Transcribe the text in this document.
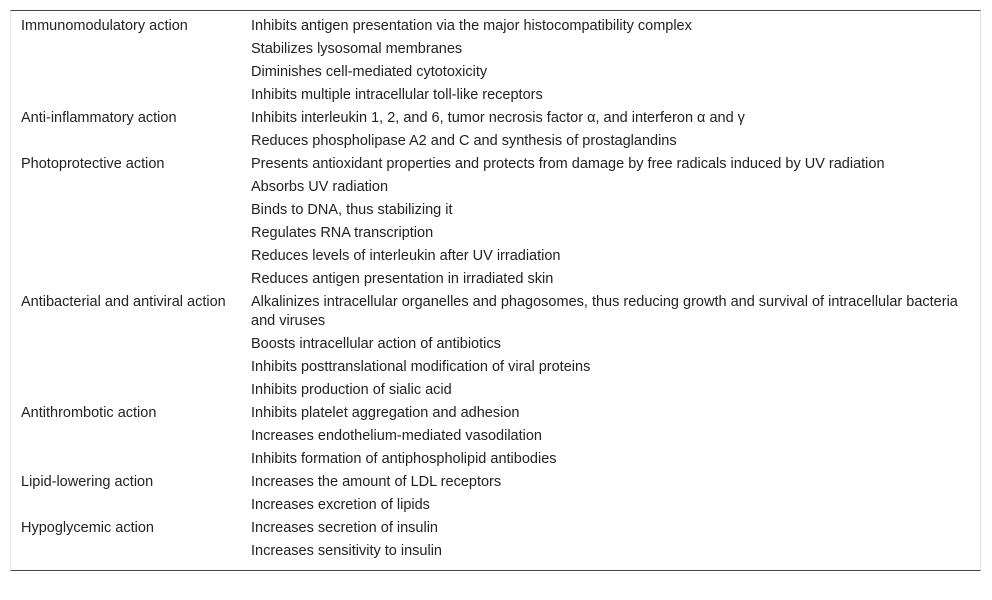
Immunomodulatory action	Inhibits antigen presentation via the major histocompatibility complex
	Stabilizes lysosomal membranes
	Diminishes cell-mediated cytotoxicity
	Inhibits multiple intracellular toll-like receptors
Anti-inflammatory action	Inhibits interleukin 1, 2, and 6, tumor necrosis factor α, and interferon α and γ
	Reduces phospholipase A2 and C and synthesis of prostaglandins
Photoprotective action	Presents antioxidant properties and protects from damage by free radicals induced by UV radiation
	Absorbs UV radiation
	Binds to DNA, thus stabilizing it
	Regulates RNA transcription
	Reduces levels of interleukin after UV irradiation
	Reduces antigen presentation in irradiated skin
Antibacterial and antiviral action	Alkalinizes intracellular organelles and phagosomes, thus reducing growth and survival of intracellular bacteria and viruses
	Boosts intracellular action of antibiotics
	Inhibits posttranslational modification of viral proteins
	Inhibits production of sialic acid
Antithrombotic action	Inhibits platelet aggregation and adhesion
	Increases endothelium-mediated vasodilation
	Inhibits formation of antiphospholipid antibodies
Lipid-lowering action	Increases the amount of LDL receptors
	Increases excretion of lipids
Hypoglycemic action	Increases secretion of insulin
	Increases sensitivity to insulin
